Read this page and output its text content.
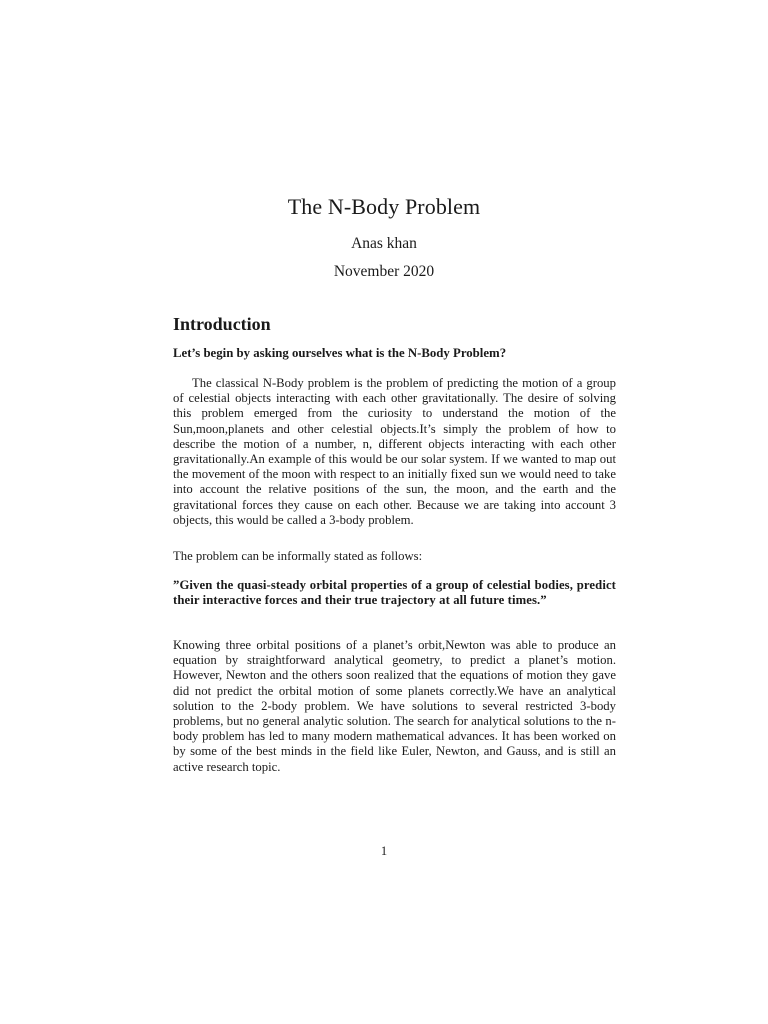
The N-Body Problem

Anas khan

November 2020

Introduction

Let’s begin by asking ourselves what is the N-Body Problem?

The classical N-Body problem is the problem of predicting the motion of a group of celestial objects interacting with each other gravitationally. The desire of solving this problem emerged from the curiosity to understand the motion of the Sun,moon,planets and other celestial objects.It’s simply the problem of how to describe the motion of a number, n, different objects interacting with each other gravitationally.An example of this would be our solar system. If we wanted to map out the movement of the moon with respect to an initially fixed sun we would need to take into account the relative positions of the sun, the moon, and the earth and the gravitational forces they cause on each other. Because we are taking into account 3 objects, this would be called a 3-body problem.

The problem can be informally stated as follows:

”Given the quasi-steady orbital properties of a group of celestial bodies, predict their interactive forces and their true trajectory at all future times.”

Knowing three orbital positions of a planet’s orbit,Newton was able to produce an equation by straightforward analytical geometry, to predict a planet’s motion. However, Newton and the others soon realized that the equations of motion they gave did not predict the orbital motion of some planets correctly.We have an analytical solution to the 2-body problem. We have solutions to several restricted 3-body problems, but no general analytic solution. The search for analytical solutions to the n-body problem has led to many modern mathematical advances. It has been worked on by some of the best minds in the field like Euler, Newton, and Gauss, and is still an active research topic.

1
